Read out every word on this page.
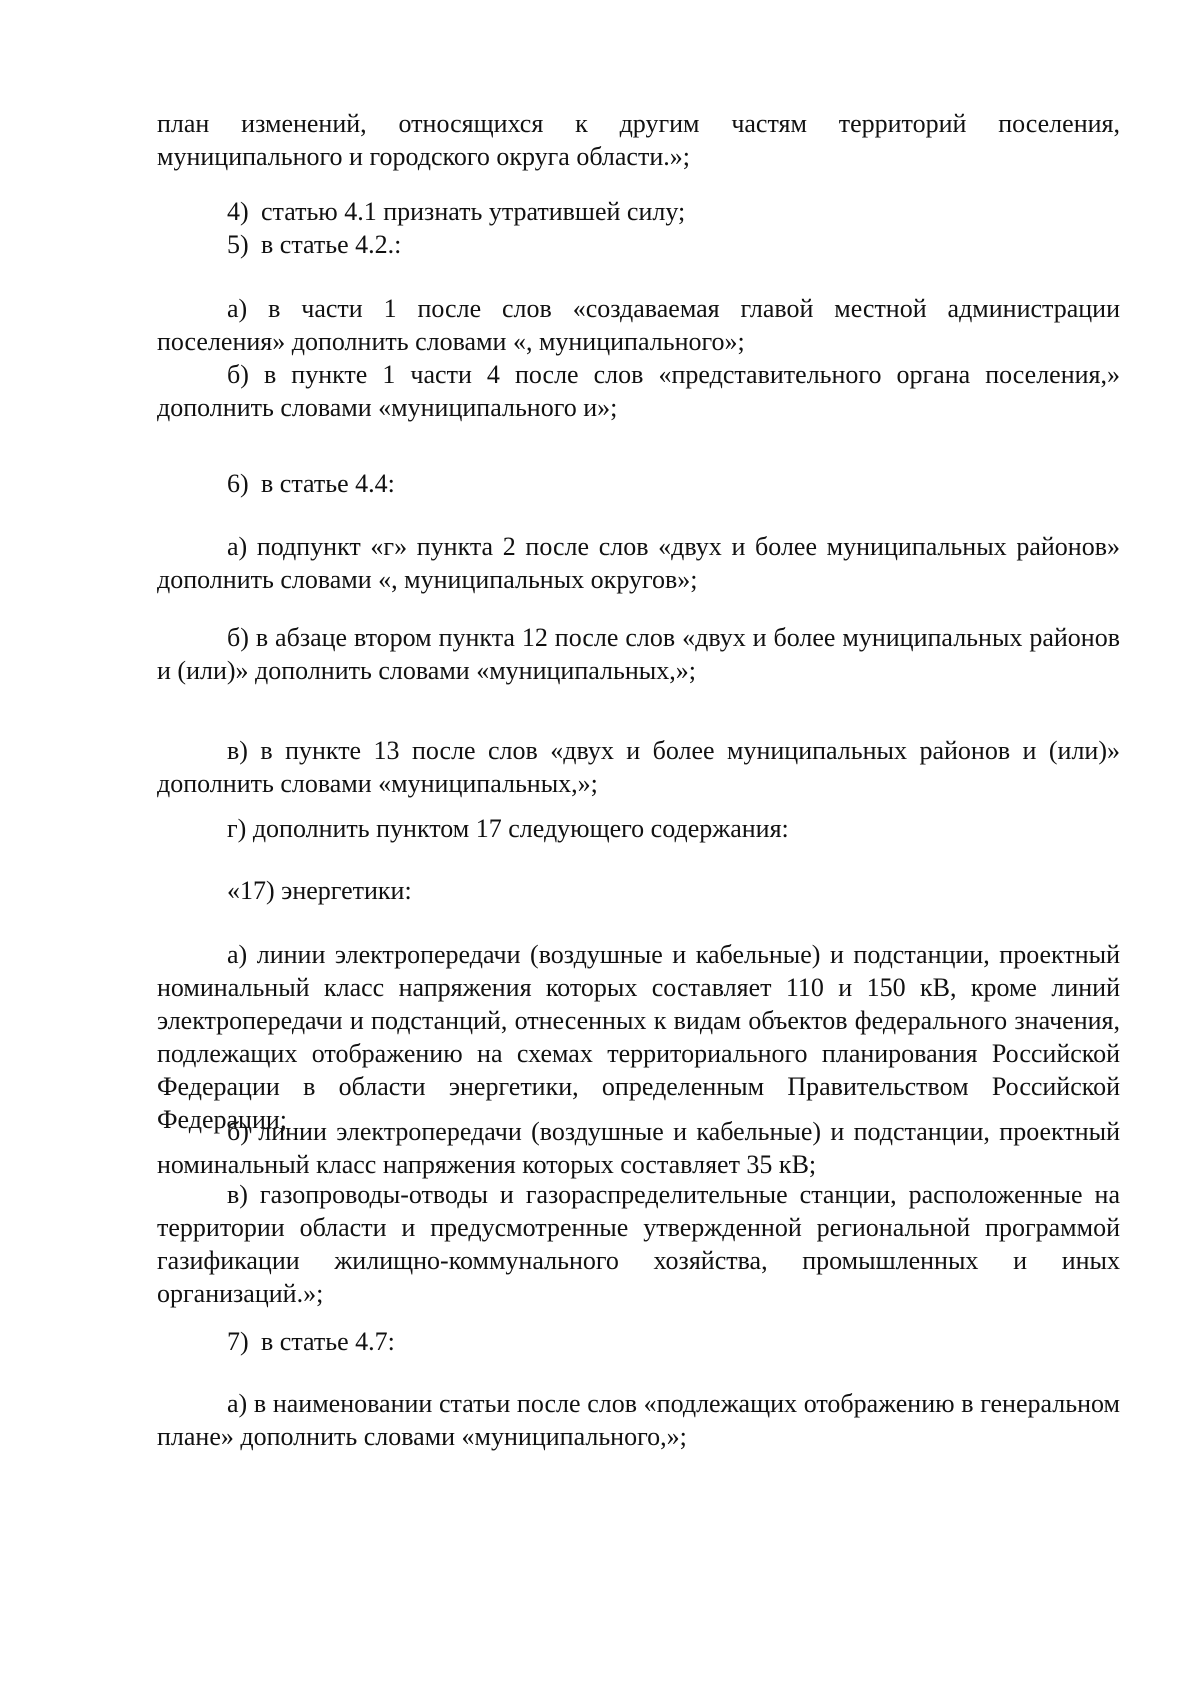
план изменений, относящихся к другим частям территорий поселения, муниципального и городского округа области.»;

4) статью 4.1 признать утратившей силу;

5) в статье 4.2.:

а) в части 1 после слов «создаваемая главой местной администрации поселения» дополнить словами «, муниципального»;

б) в пункте 1 части 4 после слов «представительного органа поселения,» дополнить словами «муниципального и»;

6) в статье 4.4:

а) подпункт «г» пункта 2 после слов «двух и более муниципальных районов» дополнить словами «, муниципальных округов»;

б) в абзаце втором пункта 12 после слов «двух и более муниципальных районов и (или)» дополнить словами «муниципальных,»;

в) в пункте 13 после слов «двух и более муниципальных районов и (или)» дополнить словами «муниципальных,»;

г) дополнить пунктом 17 следующего содержания:

«17) энергетики:

а) линии электропередачи (воздушные и кабельные) и подстанции, проектный номинальный класс напряжения которых составляет 110 и 150 кВ, кроме линий электропередачи и подстанций, отнесенных к видам объектов федерального значения, подлежащих отображению на схемах территориального планирования Российской Федерации в области энергетики, определенным Правительством Российской Федерации;

б) линии электропередачи (воздушные и кабельные) и подстанции, проектный номинальный класс напряжения которых составляет 35 кВ;

в) газопроводы-отводы и газораспределительные станции, расположенные на территории области и предусмотренные утвержденной региональной программой газификации жилищно-коммунального хозяйства, промышленных и иных организаций.»;

7) в статье 4.7:

а) в наименовании статьи после слов «подлежащих отображению в генеральном плане» дополнить словами «муниципального,»;
